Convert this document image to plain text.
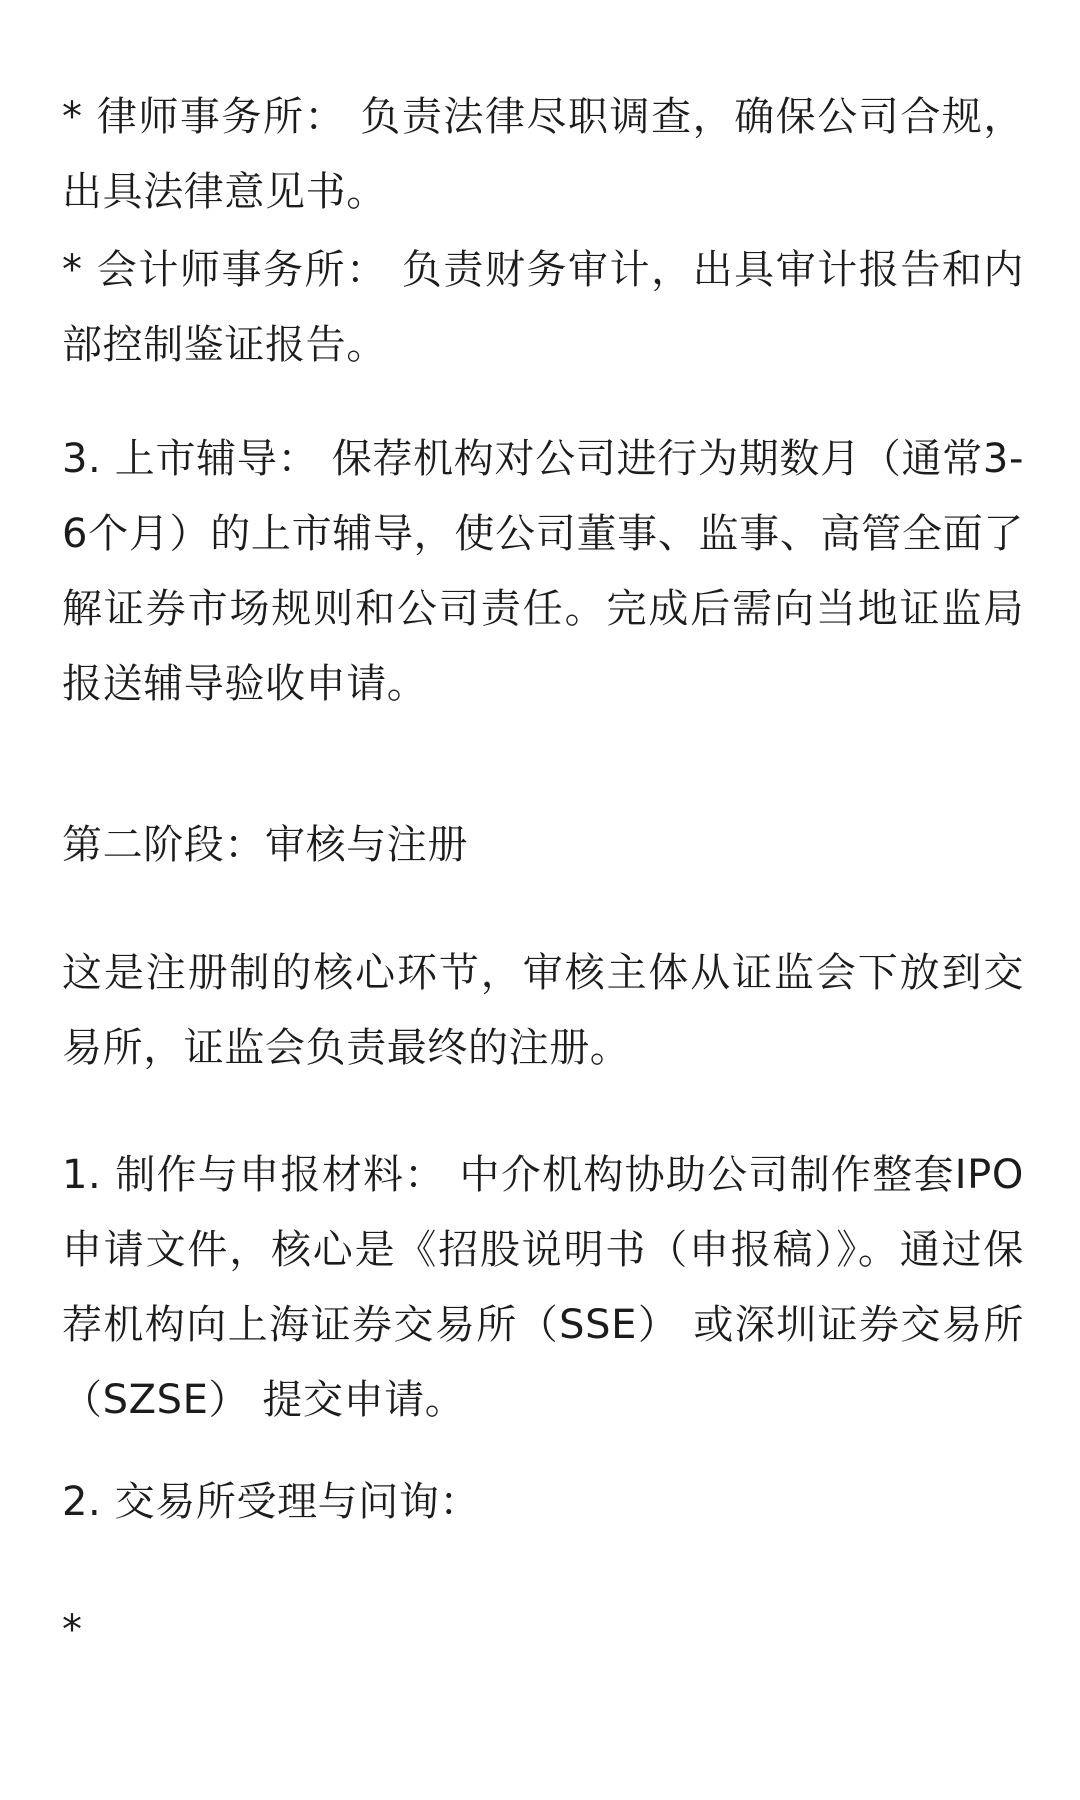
* 律师事务所： 负责法律尽职调查，确保公司合规，出具法律意见书。

* 会计师事务所： 负责财务审计，出具审计报告和内部控制鉴证报告。

3. 上市辅导： 保荐机构对公司进行为期数月（通常3-6个月）的上市辅导，使公司董事、监事、高管全面了解证券市场规则和公司责任。完成后需向当地证监局报送辅导验收申请。

第二阶段：审核与注册

这是注册制的核心环节，审核主体从证监会下放到交易所，证监会负责最终的注册。

1. 制作与申报材料： 中介机构协助公司制作整套IPO申请文件，核心是《招股说明书（申报稿）》。通过保荐机构向上海证券交易所（SSE） 或深圳证券交易所（SZSE） 提交申请。

2. 交易所受理与问询：

*
